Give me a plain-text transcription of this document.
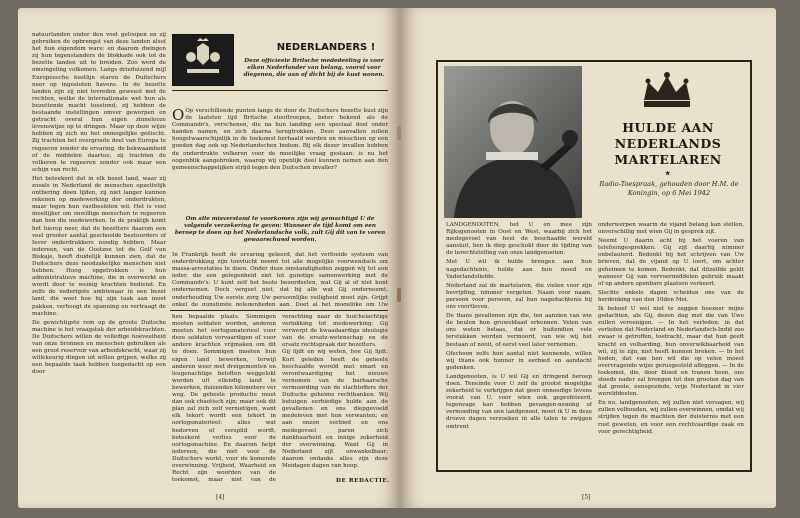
natuurlanden onder den voet geloopen en zij gebruiken de opbrengst van deze landen alsof het hun eigendom ware: en daarom dwingen zij hun tegenstanders de blokkade ook tot de bezette landen uit te breiden. Zoo werd de omsingeling volkomen. Langs drieduizend mijl Europeesche kustlijn staren de Duitschers neer op ingesloten havens. In de bezette landen zijn zij niet tevreden geweest met de rechten, welke de internationale wet hun als bezettende macht toestond; zij hebben de bestaande instellingen omver geworpen en getracht overal hun eigen zinnelooze levenswijze op te dringen. Maar op deze wijze hebben zij zich nu het onmogelijke geëischt. Zij trachten het overgroote deel van Europa te regeeren zonder de ervaring, de bekwaamheid of de middelen daartoe; zij trachten de volkeren te regeeren zonder ook maar een schijn van recht.

Het beteekent dat in elk bezet land, waar zij zooals in Nederland de menschen opzettelijk ontbering doen lijden, zij niet langer kunnen rekenen op medewerking der onderdrukten, maar tegen hun vastbesloten wil. Het is veel moeilijker om onwillige menschen te regeeren dan hen die medewerken. In de praktijk komt het hierop neer, dat de bezetters daarom een veel grooter aantal geschoolde bestuurders of Iever onderdrukkers noodig hebben. Maar iedereen, van de Oostzee tot de Golf van Biskaje, heeft duidelijk kunnen zien, dat de Duitschers deze noodzakelijke menschen niet hebben. Hoog opgetrokken is hun administratieve machine, die in overwerkt en wordt door te weinig krachten bediend. En zelfs de nederigste ambtenaar in een bezet land, die weet hoe hij zijn taak aan moet pakken, verhoogt de spanning en vertraagt de machine.

De gewichtigste rem op de groote Duitsche machine is het vraagstuk der arbeidskrachten. De Duitschers willen de volledige hoeveelheid van onze bronnen en menschen gebruiken als een groot reservoir van arbeidskracht, waar zij willekeurig dingen uit willen grijpen, welke zij een bepaalde taak hebben toegedacht op een door

NEDERLANDERS !
Deze officieele Britsche mededeeling is voor elken Nederlander van belang, vooral voor diegenen, die aan of dicht bij de kust wonen.

O Op verschillende punten langs de door de Duitschers bezette kust zijn de laatsten tijd Britsche stoottroepen, beter bekend als de Commando's, verschenen, die na hun landing een speciaal doel onder handen namen, en zich daarna terugtrokken. Deze aanvallen zullen hoogstwaarschijnlijk in de toekomst herhaald worden en misschien op een goeden dag ook op Nederlandschen bodem. Bij elk dezer invallen hebben de onderdrukte volkeren voor de moeilijke vraag gestaan: is nu het oogenblik aangebroken, waarop wij openlijk deel kunnen nemen aan den gemeenschappelijken strijd tegen den Duitschen invaller?

Om alle misverstand te voorkomen zijn wij gemachtigd U de volgende verzekering te geven: Wanneer de tijd komt om een beroep te doen op het Nederlandsche volk, zult Gij dit van te voren gewaarschuwd worden.
In Frankrijk heeft de ervaring geleerd, dat het verfoeide systeem van onderdrukking zijn toevlucht neemt tot alle mogelijke voorwendsels om massa-arrestaties te doen. Onder deze omstandigheden zeggen wij tot een ieder, die een gelegenheid ziet tot gunstige samenwerking met de Commando's: U kunt zelf het beste beoordeelen, wat Gij al of niet kunt ondernemen. Doch vergeet niet, dat bij alle wat Gij onderneemt, onderhouding Uw eerste zorg Uw persoonlijke veiligheid moet zijn. Grijpt enkel de gunstigste gelegenheden aan. Doet al het mogelijke om Uw
hen bepaalde plaats. Sommigen moeten soldaten worden, anderen moeten het oorlogsmaterieel voor deze soldaten vervaardigen of voor andere krachten vrijmaken om dit te doen. Sommigen moeten hun eigen land bewerken, terwijl anderen weer met dreigementen en leugenachtige beloften weggelokt worden uit ellendig land te bewerken, duizenden kilometers ver weg. De geheele productie moet dan ook chaotisch zijn; maar ook dit plan zal zich zelf vernietigen, want elk tekort wordt een tekort in oorlogsmaterieel: alles wat bedorven of verspild wordt, beteekent verlies voor de oorlogsmachine. En daarom helpt iedereen, die niet voor de Duitschers werkt, voor de komende overwinning. Vrijheid, Waarheid en Recht zijn woorden van de toekomst, maar niet van de
verachting naar de huichelachtige verlokking tot medewerking; Gij verwerpt de kwaadaardige ideologie van de ersatz-wetenschap en de ersatz rechtspraak der bezetters.
Gij lijdt en wij weten, hoe Gij lijdt. Kort geleden heeft de geheele beschaafde wereld met smart en verontwaardiging het nieuws vernomen van de barbaarsche vermoording van de slachtoffers der Duitsche geheime rechtbanken. Wij betuigen eerbiedige hulde aan de gevallenen en ons diepgevoeld medeleven met hun verwanten; en aan onzen eerbied en ons medegevoel paren zich dankbaarheid en innige zekerheid der overwinning. Want Gij in Nederland zijt onwankelbaar; daarom ondanks alles zijn deze Meidagen dagen van hoop.
DE REDACTIE.
[4]
HULDE AAN
NEDERLANDS
MARTELAREN
★
Radio-Toespraak, gehouden door H.M. de Koningin, op 6 Mei 1942

LANDGENOOTEN, het U en mee zijn Rijksgenooten in Oost en West, waarbij zich het medegevoel van heel de beschaafde wereld aansluit, ben ik diep geschokt door de tijding van de terechtstelling van onze landgenooten.

Met U wil ik hulde brengen aan hun nagedachtenis, hulde aan hun moed en Vaderlandsliefde.

Nederland zal de martelaren, die vielen voor zijn bevrijding, nimmer vergeten. Naam voor naam, persoon voor persoon, zal hun nagedachtenis bij ons voortleven.

De thans gevallenen zijn die, ten aanzien van wie de beulen hun gruweldaad erkennen. Velen van ons weten helaas, dat er buitendien vele terstukken worden vermoord, van wie wij het bestaan of nooit, of eerst veel later vernemen.

Ofschoon zelfs hun aantal niet kennende, willen wij thans ook hunner in eerbied en aandacht gedenken.

Landgenooten, is U wil Gij en dringend beroep doen. Teneinde voor U zelf de grootst mogelijke zekerheid te verkrijgen dat geen onnoodige levens voorat van U, voor wien ook geprofeteerd, tegenvage kan hebben gevangen-neming of vermoeding van een landgenoot, moet ik U in deze droeve dagen verzoeken in alle talen te zwijgen omtrent

onderwerpen waarin de vijand belang kan stellen, onverschillig met wien Gij in gesprek zijt.

Neemt U daarin acht bij het voeren van telefoongesprekken. Gij zijt daarbij nimmer onbelauterd. Bedenkt bij het schrijven van Uw brieven, dat de vijand op U loert, om achter geheimen te komen. Bedenkt, dat ditzelfde geldt wanneer Gij van vervoermiddelen gebruik maakt of op andere openbare plaatsen verkeert.

Slechts enkele dagen scheiden ons van de herdenking van den 10den Mei.

Ik behoef U wel niet te zeggen hoezeer mijne gedachten, als Gij, dezen dag met die van Uwe zullen vereenigen. — In het verleden: in dat verleden dat Nederland en Nederlandsch-Indië zoo zwaar is getroffen, toetracht, maar dat hun geeft kracht en volharding, hun onverwikbaarheid van wil, zij te zijn, niet heeft kunnen breken. — In het heden, dat van hen wil die op velen moest overvragende wijze gerusgesteld afleggen. — In de toekomst, die, door bloed en tranen heen, ons steeds nader zal brengen tot den grooten dag van dat groote, eensgezinde, vrije Nederland in vier werelddeelen.

En nu, landgenooten, wij zullen niet versagen, wij zullen volhouden, wij zullen overwinnen, omdat wij strijden tegen de machten der duisternis met een rust geweten, en voor een rechtvaardige zaak en voor gerechtigheid.

[5]
